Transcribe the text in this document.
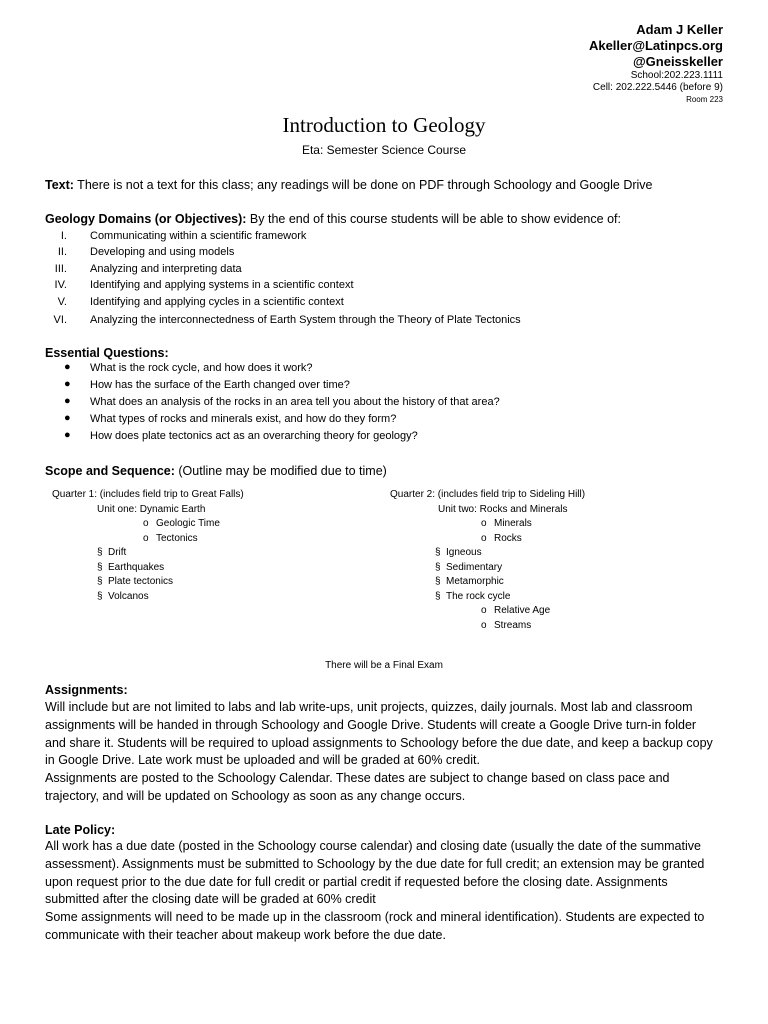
Adam J Keller
Akeller@Latinpcs.org
@Gneisskeller
School:202.223.1111
Cell: 202.222.5446 (before 9)
Room 223
Introduction to Geology
Eta: Semester Science Course
Text: There is not a text for this class; any readings will be done on PDF through Schoology and Google Drive
Geology Domains (or Objectives): By the end of this course students will be able to show evidence of:
I. Communicating within a scientific framework
II. Developing and using models
III. Analyzing and interpreting data
IV. Identifying and applying systems in a scientific context
V. Identifying and applying cycles in a scientific context
VI. Analyzing the interconnectedness of Earth System through the Theory of Plate Tectonics
Essential Questions:
● What is the rock cycle, and how does it work?
● How has the surface of the Earth changed over time?
● What does an analysis of the rocks in an area tell you about the history of that area?
● What types of rocks and minerals exist, and how do they form?
● How does plate tectonics act as an overarching theory for geology?
Scope and Sequence: (Outline may be modified due to time)
Quarter 1: (includes field trip to Great Falls)
Unit one: Dynamic Earth
o Geologic Time
o Tectonics
§ Drift
§ Earthquakes
§ Plate tectonics
§ Volcanos
Quarter 2: (includes field trip to Sideling Hill)
Unit two: Rocks and Minerals
o Minerals
o Rocks
§ Igneous
§ Sedimentary
§ Metamorphic
§ The rock cycle
o Relative Age
o Streams
There will be a Final Exam
Assignments:
Will include but are not limited to labs and lab write-ups, unit projects, quizzes, daily journals. Most lab and classroom
assignments will be handed in through Schoology and Google Drive. Students will create a Google Drive turn-in folder
and share it. Students will be required to upload assignments to Schoology before the due date, and keep a backup copy
in Google Drive. Late work must be uploaded and will be graded at 60% credit.
Assignments are posted to the Schoology Calendar. These dates are subject to change based on class pace and
trajectory, and will be updated on Schoology as soon as any change occurs.
Late Policy:
All work has a due date (posted in the Schoology course calendar) and closing date (usually the date of the summative
assessment). Assignments must be submitted to Schoology by the due date for full credit; an extension may be granted
upon request prior to the due date for full credit or partial credit if requested before the closing date. Assignments
submitted after the closing date will be graded at 60% credit
Some assignments will need to be made up in the classroom (rock and mineral identification). Students are expected to
communicate with their teacher about makeup work before the due date.
